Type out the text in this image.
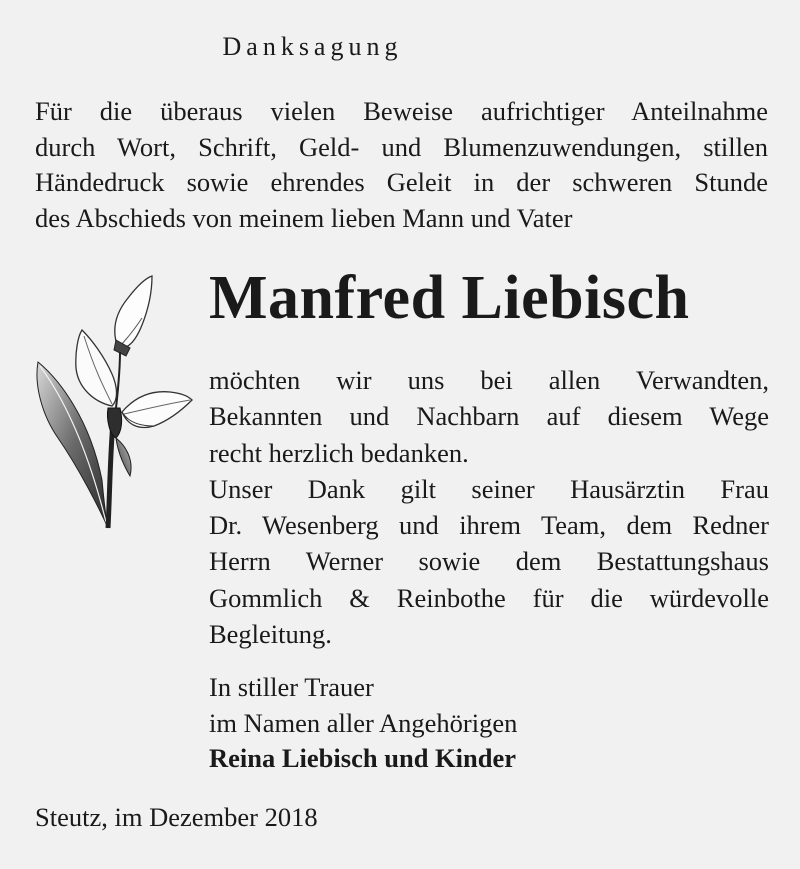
Danksagung
Für die überaus vielen Beweise aufrichtiger Anteilnahme
durch Wort, Schrift, Geld- und Blumenzuwendungen, stillen
Händedruck sowie ehrendes Geleit in der schweren Stunde
des Abschieds von meinem lieben Mann und Vater
Manfred Liebisch
möchten wir uns bei allen Verwandten,
Bekannten und Nachbarn auf diesem Wege
recht herzlich bedanken.
Unser Dank gilt seiner Hausärztin Frau
Dr. Wesenberg und ihrem Team, dem Redner
Herrn Werner sowie dem Bestattungshaus
Gommlich & Reinbothe für die würdevolle
Begleitung.
In stiller Trauer
im Namen aller Angehörigen
Reina Liebisch und Kinder
Steutz, im Dezember 2018
